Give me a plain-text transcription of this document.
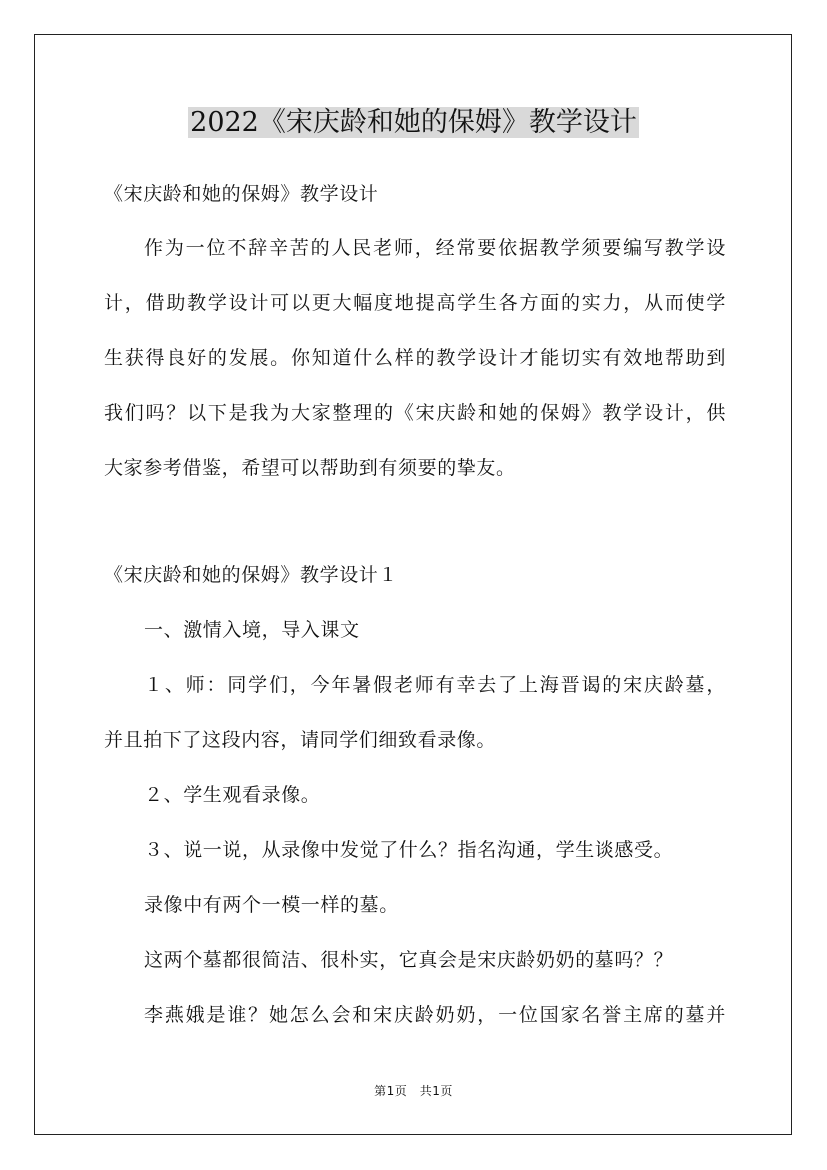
2022《宋庆龄和她的保姆》教学设计
《宋庆龄和她的保姆》教学设计
作为一位不辞辛苦的人民老师，经常要依据教学须要编写教学设
计，借助教学设计可以更大幅度地提高学生各方面的实力，从而使学
生获得良好的发展。你知道什么样的教学设计才能切实有效地帮助到
我们吗？以下是我为大家整理的《宋庆龄和她的保姆》教学设计，供
大家参考借鉴，希望可以帮助到有须要的挚友。
《宋庆龄和她的保姆》教学设计１
一、激情入境，导入课文
１、师：同学们，今年暑假老师有幸去了上海晋谒的宋庆龄墓，
并且拍下了这段内容，请同学们细致看录像。
２、学生观看录像。
３、说一说，从录像中发觉了什么？指名沟通，学生谈感受。
录像中有两个一模一样的墓。
这两个墓都很简洁、很朴实，它真会是宋庆龄奶奶的墓吗？？
李燕娥是谁？她怎么会和宋庆龄奶奶，一位国家名誉主席的墓并
第1页　共1页
